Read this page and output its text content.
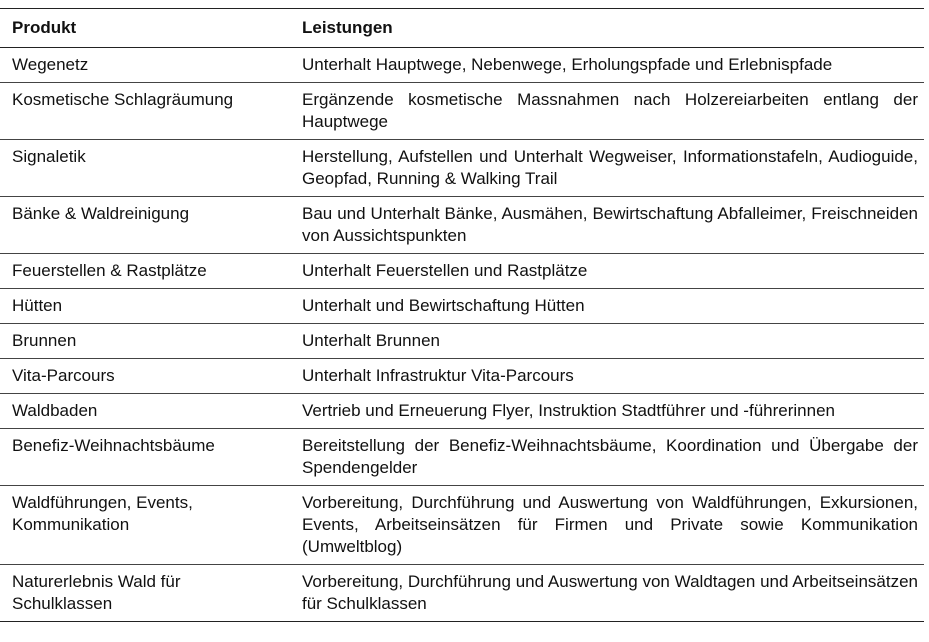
Produkt	Leistungen
Wegenetz	Unterhalt Hauptwege, Nebenwege, Erholungspfade und Erlebnispfade
Kosmetische Schlagräumung	Ergänzende kosmetische Massnahmen nach Holzereiarbeiten entlang der Hauptwege
Signaletik	Herstellung, Aufstellen und Unterhalt Wegweiser, Informationstafeln, Audioguide, Geopfad, Running & Walking Trail
Bänke & Waldreinigung	Bau und Unterhalt Bänke, Ausmähen, Bewirtschaftung Abfalleimer, Freischneiden von Aussichtspunkten
Feuerstellen & Rastplätze	Unterhalt Feuerstellen und Rastplätze
Hütten	Unterhalt und Bewirtschaftung Hütten
Brunnen	Unterhalt Brunnen
Vita-Parcours	Unterhalt Infrastruktur Vita-Parcours
Waldbaden	Vertrieb und Erneuerung Flyer, Instruktion Stadtführer und -führerinnen
Benefiz-Weihnachtsbäume	Bereitstellung der Benefiz-Weihnachtsbäume, Koordination und Übergabe der Spendengelder
Waldführungen, Events, Kommunikation	Vorbereitung, Durchführung und Auswertung von Waldführungen, Exkursionen, Events, Arbeitseinsätzen für Firmen und Private sowie Kommunikation (Umweltblog)
Naturerlebnis Wald für Schulklassen	Vorbereitung, Durchführung und Auswertung von Waldtagen und Arbeitseinsätzen für Schulklassen
